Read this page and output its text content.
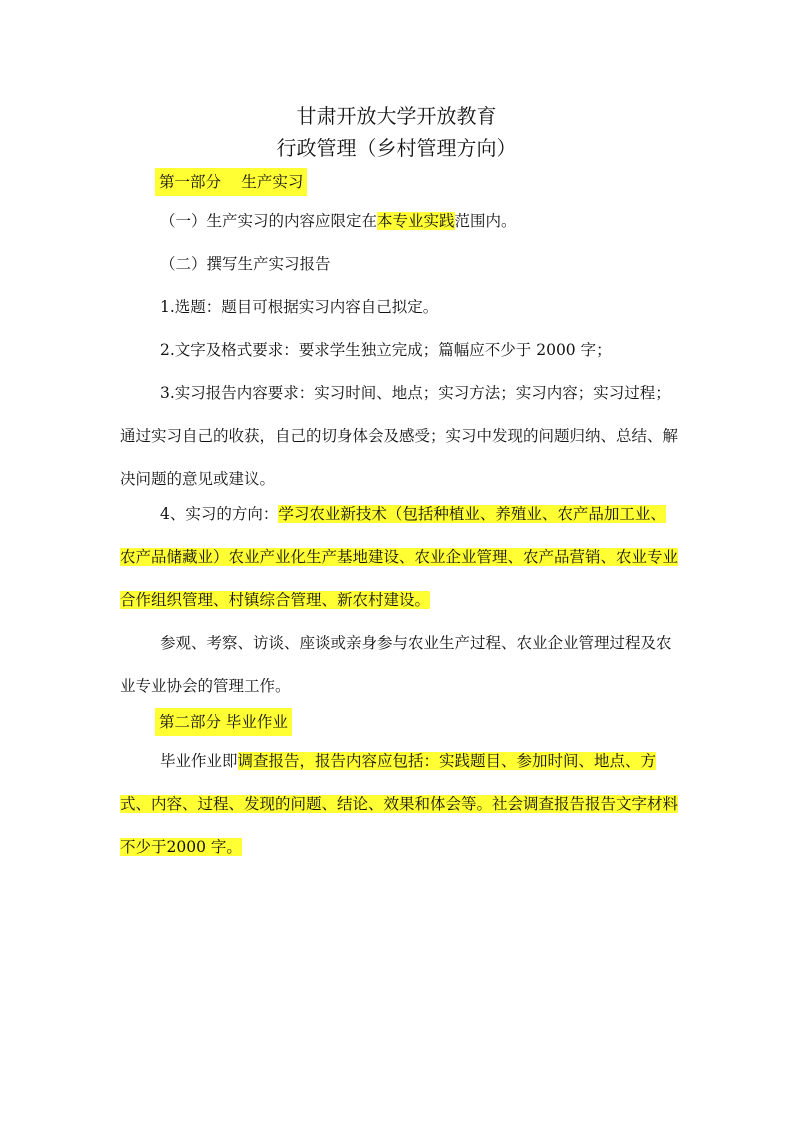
甘肃开放大学开放教育
行政管理（乡村管理方向）
第一部分　 生产实习

（一）生产实习的内容应限定在本专业实践范围内。

（二）撰写生产实习报告

1.选题：题目可根据实习内容自己拟定。

2.文字及格式要求：要求学生独立完成；篇幅应不少于 2000 字；

3.实习报告内容要求：实习时间、地点；实习方法；实习内容；实习过程；通过实习自己的收获，自己的切身体会及感受；实习中发现的问题归纳、总结、解决问题的意见或建议。

4、实习的方向：学习农业新技术（包括种植业、养殖业、农产品加工业、农产品储藏业）农业产业化生产基地建设、农业企业管理、农产品营销、农业专业合作组织管理、村镇综合管理、新农村建设。

参观、考察、访谈、座谈或亲身参与农业生产过程、农业企业管理过程及农业专业协会的管理工作。

第二部分 毕业作业

毕业作业即调查报告，报告内容应包括：实践题目、参加时间、地点、方式、内容、过程、发现的问题、结论、效果和体会等。社会调查报告报告文字材料不少于2000 字。
